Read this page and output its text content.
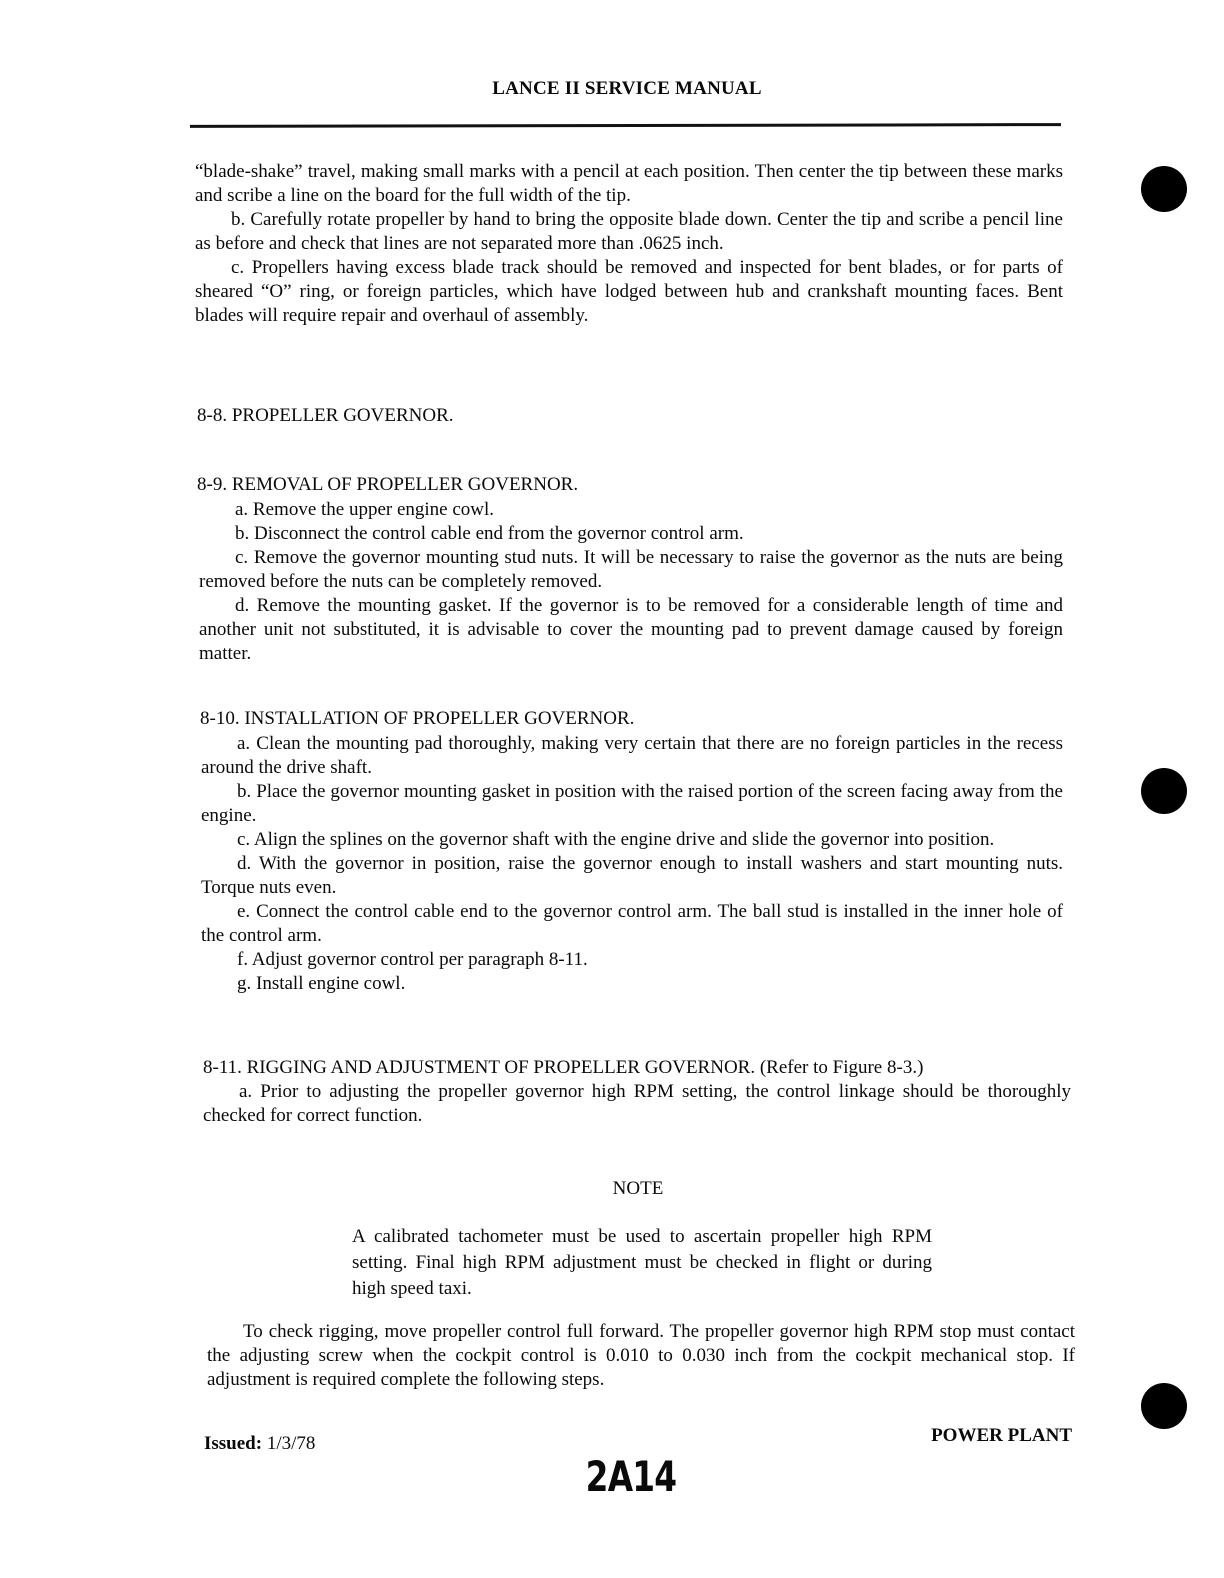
LANCE II SERVICE MANUAL

“blade-shake” travel, making small marks with a pencil at each position. Then center the tip between these marks and scribe a line on the board for the full width of the tip.

b. Carefully rotate propeller by hand to bring the opposite blade down. Center the tip and scribe a pencil line as before and check that lines are not separated more than .0625 inch.

c. Propellers having excess blade track should be removed and inspected for bent blades, or for parts of sheared “O” ring, or foreign particles, which have lodged between hub and crankshaft mounting faces. Bent blades will require repair and overhaul of assembly.

8-8. PROPELLER GOVERNOR.
8-9. REMOVAL OF PROPELLER GOVERNOR.

a. Remove the upper engine cowl.

b. Disconnect the control cable end from the governor control arm.

c. Remove the governor mounting stud nuts. It will be necessary to raise the governor as the nuts are being removed before the nuts can be completely removed.

d. Remove the mounting gasket. If the governor is to be removed for a considerable length of time and another unit not substituted, it is advisable to cover the mounting pad to prevent damage caused by foreign matter.

8-10. INSTALLATION OF PROPELLER GOVERNOR.

a. Clean the mounting pad thoroughly, making very certain that there are no foreign particles in the recess around the drive shaft.

b. Place the governor mounting gasket in position with the raised portion of the screen facing away from the engine.

c. Align the splines on the governor shaft with the engine drive and slide the governor into position.

d. With the governor in position, raise the governor enough to install washers and start mounting nuts. Torque nuts even.

e. Connect the control cable end to the governor control arm. The ball stud is installed in the inner hole of the control arm.

f. Adjust governor control per paragraph 8-11.

g. Install engine cowl.

8-11. RIGGING AND ADJUSTMENT OF PROPELLER GOVERNOR. (Refer to Figure 8-3.)

a. Prior to adjusting the propeller governor high RPM setting, the control linkage should be thoroughly checked for correct function.

NOTE
A calibrated tachometer must be used to ascertain propeller high RPM setting. Final high RPM adjustment must be checked in flight or during high speed taxi.
To check rigging, move propeller control full forward. The propeller governor high RPM stop must contact the adjusting screw when the cockpit control is 0.010 to 0.030 inch from the cockpit mechanical stop. If adjustment is required complete the following steps.
Issued: 1/3/78	POWER PLANT
2A14
